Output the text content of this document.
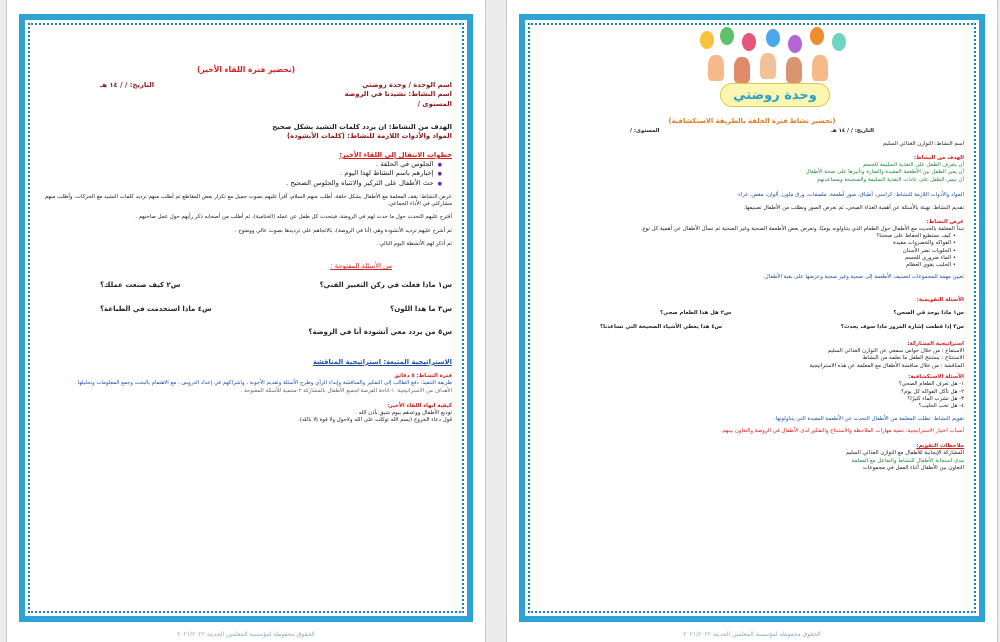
(تحضير فترة اللقاء الأخير)
اسم الوحدة / وحدة روضتي
اسم النشاط: نشيدنا في الروضة
المستوى /
التاريخ: / / ١٤ هـ
الهدف من النشاط: ان يردد كلمات النشيد بشكل صحيح
المواد والأدوات اللازمة للنشاط: (كلمات الأنشودة)
خطوات الانتقال إلى اللقاء الأخير:
● الجلوس في الحلقة .
● إخبارهم باسم النشاط لهذا اليوم .
● حث الأطفال على التركيز والانتباه والجلوس الصحيح .
عرض النشاط: يقف المعلمة مع الأطفال بشكل حلقة، أطلب منهم السلام، أقرأ عليهم بصوت جميل مع تكرار بعض المقاطع ثم أطلب منهم ترديد كلمات النشيد مع الحركات، وأطلب منهم مشاركتي في الأداء الجماعي.
أقترح عليهم التحدث حول ما حدث لهم في الروضة، فيتحدث كل طفل عن عمله (الختامية)، ثم أطلب من أصحابه ذكر رأيهم حول عمل صاحبهم .
ثم أشرح عليهم ترديد الأنشودة وهي (أنا في الروضة)، بالاتجاهم على ترديدها بصوت عالي ووضوح .
ثم أذكر لهم الأنشطة اليوم التالي .
من الأسئلة المفتوحة :
س١ ماذا فعلت في ركن التعبير الفني؟
س٢ كيف صنعت عملك؟
س٣ ما هذا اللون؟
س٤ ماذا استخدمت في الطباعة؟
س٥ من يردد معي أنشودة أنا في الروضة؟
الاستراتيجية المتبعة: استراتيجية المناقشة
فترة النشاط: ٥ دقائق
طريقة التنفيذ: دفع الطالب إلى التفكير والمناقشة وإبداء الرأي وطرح الأسئلة وتقديم الأجوبة ، واشراكهم في إعداد الدروس ، مع الاهتمام بالبحث وجمع المعلومات وتحليلها .
الأهداف من الاستراتيجية: ١-اتاحة الفرصة لجميع الأطفال بالمشاركة ٢-منتمية للأسئلة المفتوحة .
كيفية انهاء اللقاء الأخير:
توديع الأطفال ووعدهم بيوم شيق بأذن الله .
قول دعاء الخروج (بسم الله توكلت على الله ولاحول ولا قوة إلا بالله).
الحقوق محفوظة لمؤسسة المعلمين الحديثة ٢٠٢١/٢٠٢٢
وحدة روضتي
(تحضير نشاط فترة الحلقة بالطريقة الاستكشافية)
التاريخ: / / ١٤ هـ
المستوى: /
اسم النشاط: التوازن الغذائي السليم
الهدف من النشاط:
أن يتعرف الطفل على التغذية السليمة للجسم
أن يميز الطفل بين الأطعمة المفيدة والضارة وتأثيرها على صحة الأطفال
أن ينمي الطفل على عادات التغذية السليمة والصحيحة ومساعدتهم
المواد والأدوات اللازمة للنشاط: كراسي، أطباق، صور أطعمة، ملصقات، ورق ملون، ألوان، مقص، غراء
تقديم النشاط: تهيئة بالأسئلة عن أهمية الغذاء الصحي، ثم تعرض الصور وتطلب من الأطفال تصنيفها.
عرض النشاط:
تبدأ المعلمة بالحديث مع الأطفال حول الطعام الذي يتناولونه يوميًا، وتعرض بعض الأطعمة الصحية وغير الصحية ثم تسأل الأطفال عن أهمية كل نوع.
• كيف نستطيع الحفاظ على صحتنا؟
• الفواكه والخضروات مفيدة
• الحلويات تضر الأسنان
• الماء ضروري للجسم
• الحليب يقوي العظام
تعيين مهمة للمجموعات لتصنيف الأطعمة إلى صحية وغير صحية وعرضها على بقية الأطفال.
الأسئلة التقويمية:
س١ ماذا يوجد في الصحن؟
س٢ هل هذا الطعام صحي؟
س٣ إذا قطعت إشارة المرور ماذا سوف يحدث؟
س٤ هذا يعطي الأشياء الصحيحة التي تساعدنا؟
استراتيجية المشاركة:
الاستماع : من خلال حواس سمعي عن التوازن الغذائي السليم
الاستنتاج : يستنتج الطفل ما تعلمه من النشاط
المناقشة : من خلال مناقشة الأطفال مع المعلمة عن هذه الاستراتيجية
الأسئلة الاستكشافية:
١- هل تعرف الطعام الصحي؟
٢- هل تأكل الفواكه كل يوم؟
٣- هل تشرب الماء كثيرًا؟
٤- هل تحب الحليب؟
تقويم النشاط: تطلب المعلمة من الأطفال التحدث عن الأطعمة المفيدة التي يتناولونها.
أسباب اختيار الاستراتيجية: تنمية مهارات الملاحظة والاستنتاج والتفكير لدى الأطفال في الروضة والتعاون بينهم.
ملاحظات التقويم:
المشاركة الإيجابية للأطفال مع التوازن الغذائي السليم
مدى استجابة الأطفال للنشاط والتفاعل مع المعلمة
التعاون بين الأطفال أثناء العمل في مجموعات
الحقوق محفوظة لمؤسسة المعلمين الحديثة ٢٠٢١/٢٠٢٢
